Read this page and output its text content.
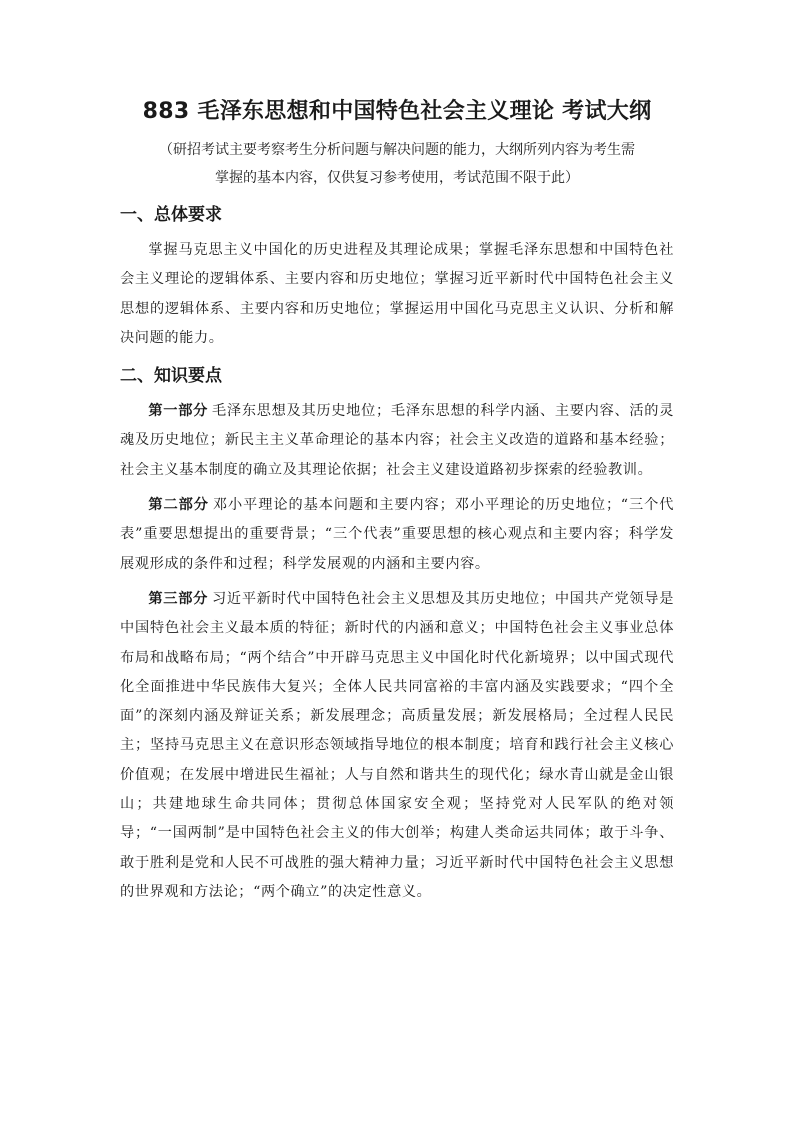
883 毛泽东思想和中国特色社会主义理论 考试大纲

（研招考试主要考察考生分析问题与解决问题的能力，大纲所列内容为考生需

掌握的基本内容，仅供复习参考使用，考试范围不限于此）

一、总体要求

掌握马克思主义中国化的历史进程及其理论成果；掌握毛泽东思想和中国特色社会主义理论的逻辑体系、主要内容和历史地位；掌握习近平新时代中国特色社会主义思想的逻辑体系、主要内容和历史地位；掌握运用中国化马克思主义认识、分析和解决问题的能力。

二、知识要点

第一部分 毛泽东思想及其历史地位；毛泽东思想的科学内涵、主要内容、活的灵魂及历史地位；新民主主义革命理论的基本内容；社会主义改造的道路和基本经验；社会主义基本制度的确立及其理论依据；社会主义建设道路初步探索的经验教训。

第二部分 邓小平理论的基本问题和主要内容；邓小平理论的历史地位；“三个代表”重要思想提出的重要背景；“三个代表”重要思想的核心观点和主要内容；科学发展观形成的条件和过程；科学发展观的内涵和主要内容。

第三部分 习近平新时代中国特色社会主义思想及其历史地位；中国共产党领导是中国特色社会主义最本质的特征；新时代的内涵和意义；中国特色社会主义事业总体布局和战略布局；“两个结合”中开辟马克思主义中国化时代化新境界；以中国式现代化全面推进中华民族伟大复兴；全体人民共同富裕的丰富内涵及实践要求；“四个全面”的深刻内涵及辩证关系；新发展理念；高质量发展；新发展格局；全过程人民民主；坚持马克思主义在意识形态领域指导地位的根本制度；培育和践行社会主义核心价值观；在发展中增进民生福祉；人与自然和谐共生的现代化；绿水青山就是金山银山；共建地球生命共同体；贯彻总体国家安全观；坚持党对人民军队的绝对领导；“一国两制”是中国特色社会主义的伟大创举；构建人类命运共同体；敢于斗争、敢于胜利是党和人民不可战胜的强大精神力量；习近平新时代中国特色社会主义思想的世界观和方法论；“两个确立”的决定性意义。
